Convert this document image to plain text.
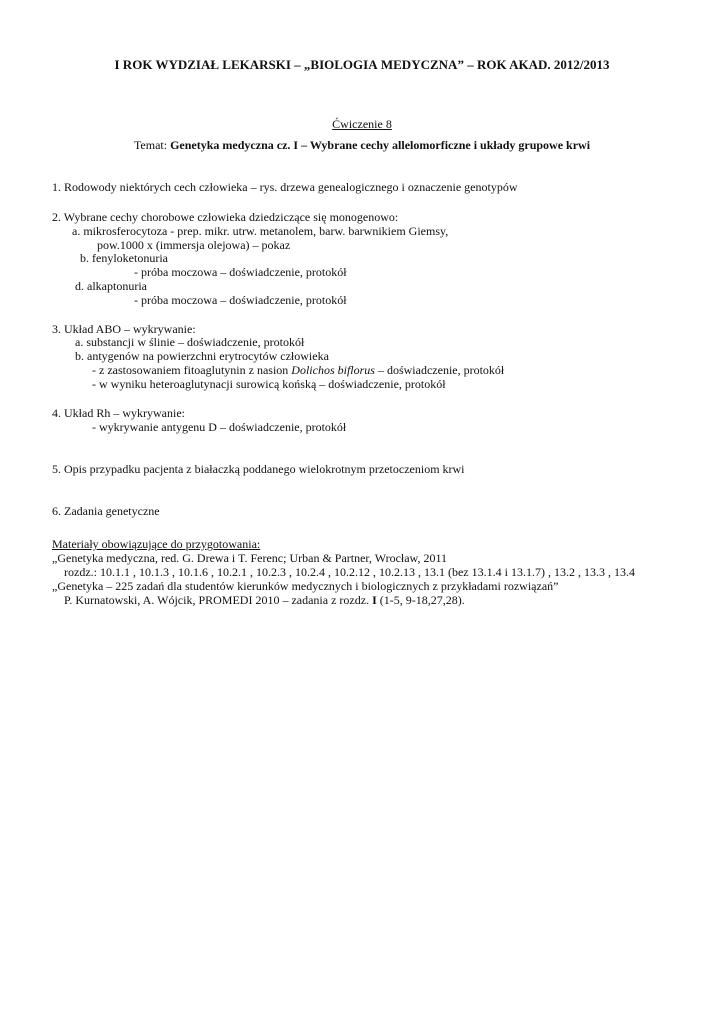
I ROK WYDZIAŁ LEKARSKI – „BIOLOGIA MEDYCZNA” – ROK AKAD. 2012/2013
Ćwiczenie 8
Temat: Genetyka medyczna cz. I – Wybrane cechy allelomorficzne i układy grupowe krwi
1. Rodowody niektórych cech człowieka – rys. drzewa genealogicznego i oznaczenie genotypów
2. Wybrane cechy chorobowe człowieka dziedziczące się monogenowo:
a. mikrosferocytoza - prep. mikr. utrw. metanolem, barw. barwnikiem Giemsy,
pow.1000 x (immersja olejowa) – pokaz
b. fenyloketonuria
- próba moczowa – doświadczenie, protokół
d. alkaptonuria
- próba moczowa – doświadczenie, protokół
3. Układ ABO – wykrywanie:
a. substancji w ślinie – doświadczenie, protokół
b. antygenów na powierzchni erytrocytów człowieka
- z zastosowaniem fitoaglutynin z nasion Dolichos biflorus – doświadczenie, protokół
- w wyniku heteroaglutynacji surowicą końską – doświadczenie, protokół
4. Układ Rh – wykrywanie:
- wykrywanie antygenu D – doświadczenie, protokół
5. Opis przypadku pacjenta z białaczką poddanego wielokrotnym przetoczeniom krwi
6. Zadania genetyczne
Materiały obowiązujące do przygotowania:
„Genetyka medyczna, red. G. Drewa i T. Ferenc; Urban & Partner, Wrocław, 2011
rozdz.: 10.1.1 , 10.1.3 , 10.1.6 , 10.2.1 , 10.2.3 , 10.2.4 , 10.2.12 , 10.2.13 , 13.1 (bez 13.1.4 i 13.1.7) , 13.2 , 13.3 , 13.4
„Genetyka – 225 zadań dla studentów kierunków medycznych i biologicznych z przykładami rozwiązań”
P. Kurnatowski, A. Wójcik, PROMEDI 2010 – zadania z rozdz. I (1-5, 9-18,27,28).
